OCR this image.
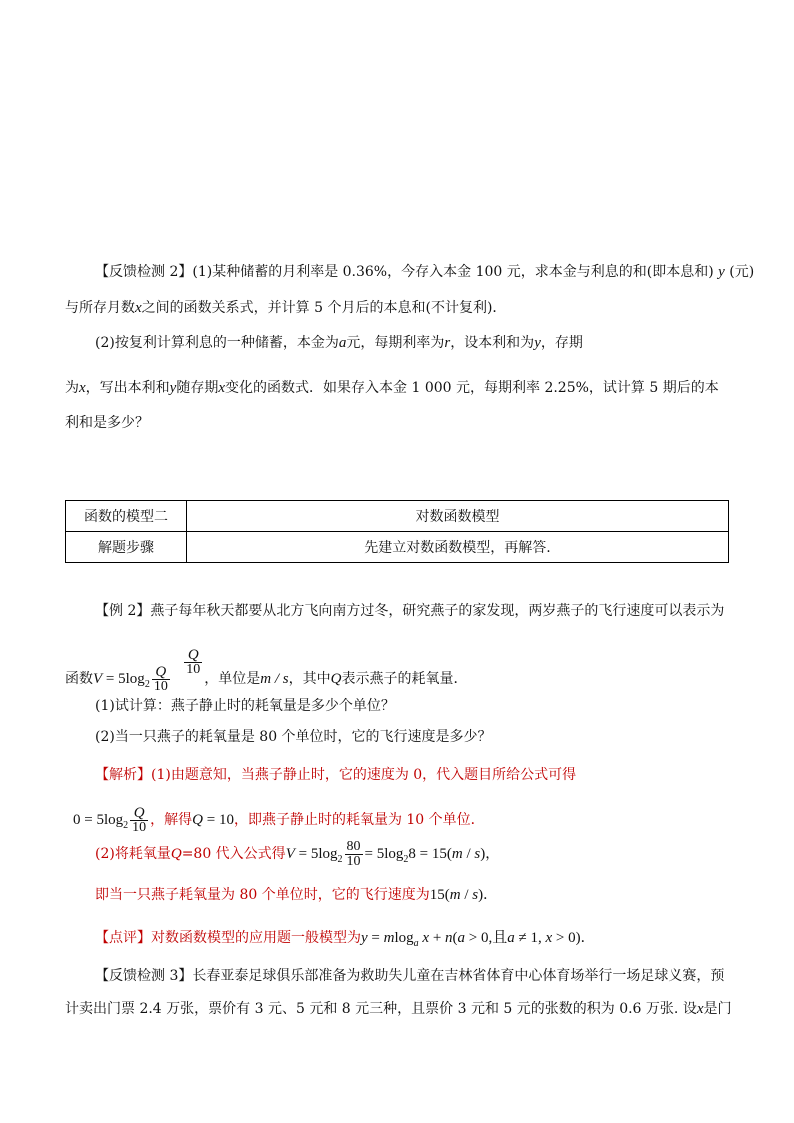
【反馈检测 2】(1)某种储蓄的月利率是 0.36%，今存入本金 100 元，求本金与利息的和(即本息和) y (元)
与所存月数x之间的函数关系式，并计算 5 个月后的本息和(不计复利)．
(2)按复利计算利息的一种储蓄，本金为a元，每期利率为r，设本利和为y，存期
为x，写出本利和y随存期x变化的函数式．如果存入本金 1 000 元，每期利率 2.25%，试计算 5 期后的本
利和是多少？
函数的模型二	对数函数模型
解题步骤	先建立对数函数模型，再解答.
【例 2】燕子每年秋天都要从北方飞向南方过冬，研究燕子的家发现，两岁燕子的飞行速度可以表示为
函数$V = 5\log_2 \frac{Q}{10}$

$\frac{Q}{10}$
，单位是m / s，其中Q表示燕子的耗氧量．
(1)试计算：燕子静止时的耗氧量是多少个单位？
(2)当一只燕子的耗氧量是 80 个单位时，它的飞行速度是多少？
【解析】(1)由题意知，当燕子静止时，它的速度为 0，代入题目所给公式可得
$0 = 5\log_2 \frac{Q}{10}$ ，解得Q = 10，即燕子静止时的耗氧量为 10 个单位．
(2)将耗氧量Q=80 代入公式得$V = 5\log_2 \frac{80}{10} = 5\log_28 = 15(m / s)$，
即当一只燕子耗氧量为 80 个单位时，它的飞行速度为15(m / s)．
【点评】对数函数模型的应用题一般模型为y = mlog$_a$ x + n(a > 0,且a ≠ 1, x > 0)．
【反馈检测 3】长春亚泰足球俱乐部准备为救助失儿童在吉林省体育中心体育场举行一场足球义赛，预
计卖出门票 2.4 万张，票价有 3 元、5 元和 8 元三种，且票价 3 元和 5 元的张数的积为 0.6 万张. 设x是门
